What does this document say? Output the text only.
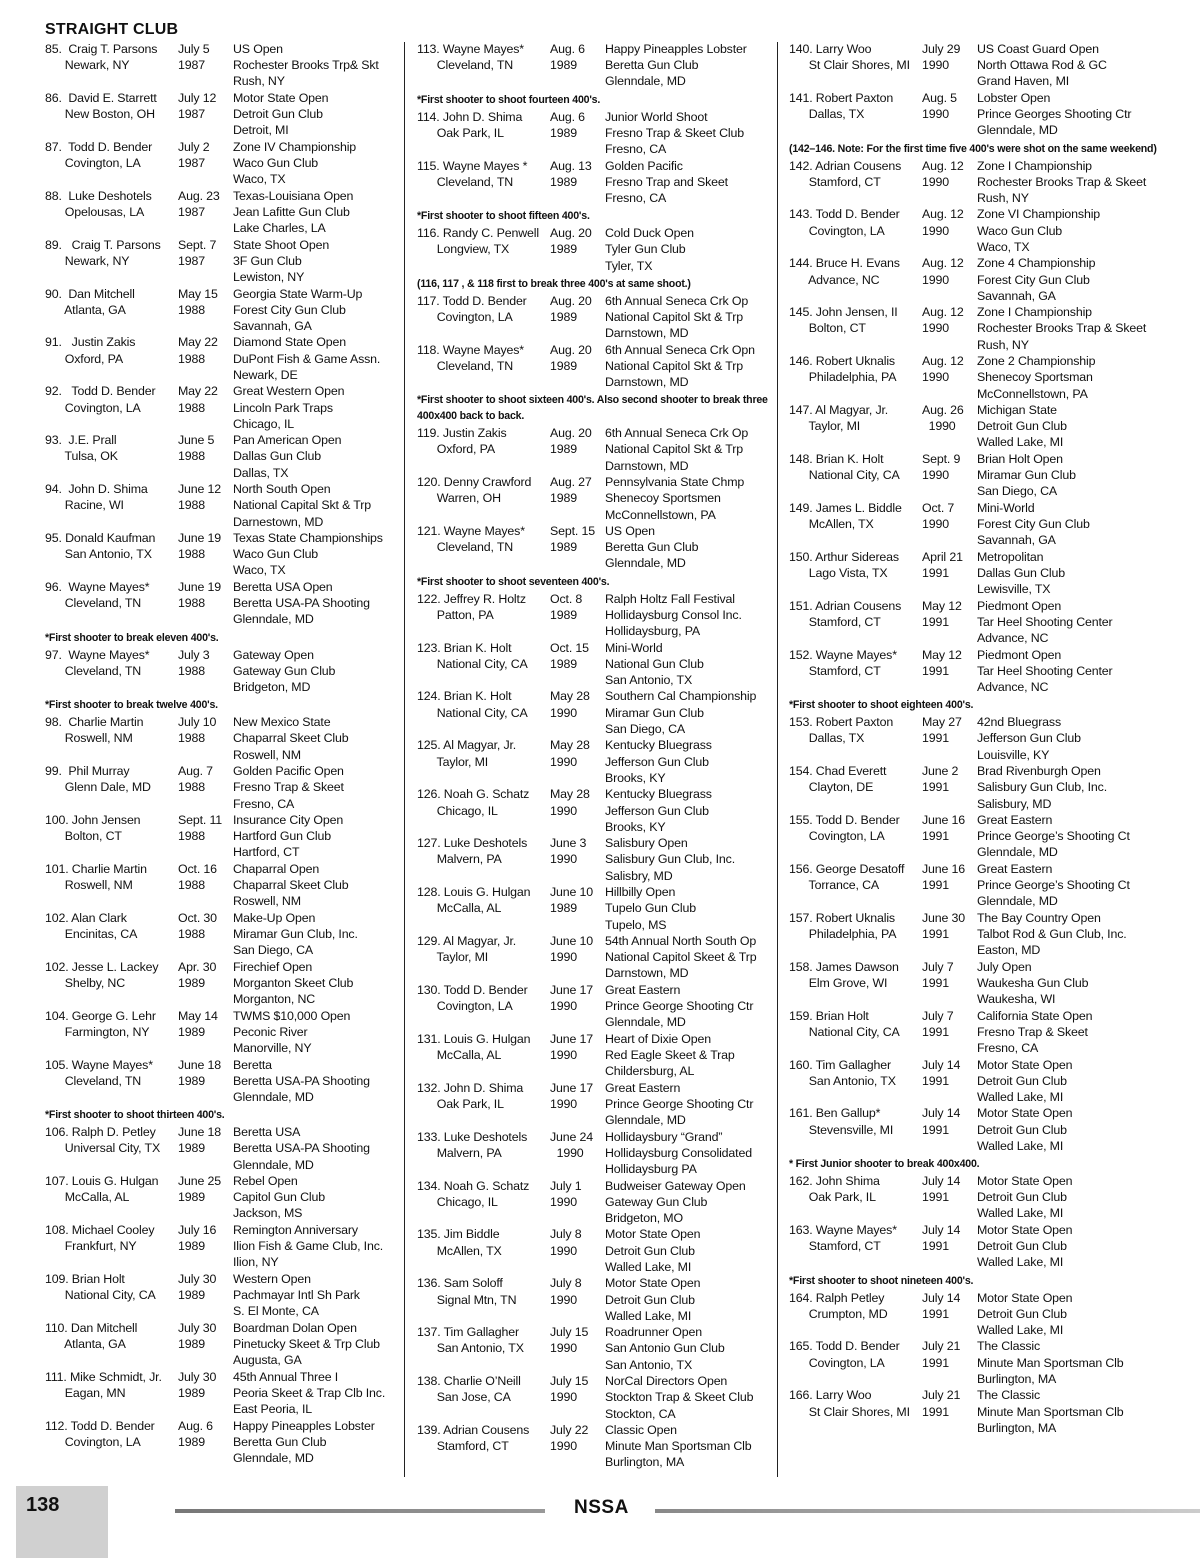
STRAIGHT CLUB
85.  Craig T. Parsons	July 5	US Open
Newark, NY	1987	Rochester Brooks Trp& Skt
Rush, NY
86.  David E. Starrett	July 12	Motor State Open
New Boston, OH	1987	Detroit Gun Club
Detroit, MI
87.  Todd D. Bender	July 2	Zone IV Championship
Covington, LA	1987	Waco Gun Club
Waco, TX
88.  Luke Deshotels	Aug. 23	Texas-Louisiana Open
Opelousas, LA	1987	Jean Lafitte Gun Club
Lake Charles, LA
89.   Craig T. Parsons	Sept. 7	State Shoot Open
Newark, NY	1987	3F Gun Club
Lewiston, NY
90.  Dan Mitchell	May 15	Georgia State Warm-Up
Atlanta, GA	1988	Forest City Gun Club
Savannah, GA
91.   Justin Zakis	May 22	Diamond State Open
Oxford, PA	1988	DuPont Fish & Game Assn.
Newark, DE
92.   Todd D. Bender	May 22	Great Western Open
Covington, LA	1988	Lincoln Park Traps
Chicago, IL
93.  J.E. Prall	June 5	Pan American Open
Tulsa, OK	1988	Dallas Gun Club
Dallas, TX
94.  John D. Shima	June 12 North South Open
Racine, WI	1988	National Capital Skt & Trp
Darnestown, MD
95. Donald Kaufman	June 19 Texas State Championships
San Antonio, TX	1988	Waco Gun Club
Waco, TX
96.  Wayne Mayes*	June 19 Beretta USA Open
Cleveland, TN	1988	Beretta USA-PA Shooting
Glenndale, MD
*First shooter to break eleven 400's.
97.  Wayne Mayes*	July 3	Gateway Open
Cleveland, TN	1988	Gateway Gun Club
Bridgeton, MD
*First shooter to break twelve 400's.
98.  Charlie Martin	July 10	New Mexico State
Roswell, NM	1988	Chaparral Skeet Club
Roswell, NM
99.  Phil Murray	Aug. 7	Golden Pacific Open
Glenn Dale, MD	1988	Fresno Trap & Skeet
Fresno, CA
100. John Jensen	Sept. 11 Insurance City Open
Bolton, CT	1988	Hartford Gun Club
Hartford, CT
101. Charlie Martin	Oct. 16	Chaparral Open
Roswell, NM	1988	Chaparral Skeet Club
Roswell, NM
102. Alan Clark	Oct. 30	Make-Up Open
Encinitas, CA	1988	Miramar Gun Club, Inc.
San Diego, CA
102. Jesse L. Lackey	Apr. 30	Firechief Open
Shelby, NC	1989	Morganton Skeet Club
Morganton, NC
104. George G. Lehr	May 14	TWMS $10,000 Open
Farmington, NY	1989	Peconic River
Manorville, NY
105. Wayne Mayes*	June 18 Beretta
Cleveland, TN	1989	Beretta USA-PA Shooting
Glenndale, MD
*First shooter to shoot thirteen 400's.
106. Ralph D. Petley	June 18 Beretta USA
Universal City, TX	1989	Beretta USA-PA Shooting
Glenndale, MD
107. Louis G. Hulgan	June 25 Rebel Open
McCalla, AL	1989	Capitol Gun Club
Jackson, MS
108. Michael Cooley	July 16	Remington Anniversary
Frankfurt, NY	1989	Ilion Fish & Game Club, Inc.
Ilion, NY
109. Brian Holt	July 30	Western Open
National City, CA	1989	Pachmayar Intl Sh Park
S. El Monte, CA
110. Dan Mitchell	July 30	Boardman Dolan Open
Atlanta, GA	1989	Pinetucky Skeet & Trp Club
Augusta, GA
111. Mike Schmidt, Jr.	July 30	45th Annual Three I
Eagan, MN	1989	Peoria Skeet & Trap Clb Inc.
East Peoria, IL
112. Todd D. Bender	Aug. 6	Happy Pineapples Lobster
Covington, LA	1989	Beretta Gun Club
Glenndale, MD
113. Wayne Mayes*	Aug. 6	Happy Pineapples Lobster
Cleveland, TN	1989	Beretta Gun Club
Glenndale, MD
*First shooter to shoot fourteen 400's.
114. John D. Shima	Aug. 6	Junior World Shoot
Oak Park, IL	1989	Fresno Trap & Skeet Club
Fresno, CA
115. Wayne Mayes *	Aug. 13	Golden Pacific
Cleveland, TN	1989	Fresno Trap and Skeet
Fresno, CA
*First shooter to shoot fifteen 400's.
116. Randy C. Penwell Aug. 20	Cold Duck Open
Longview, TX	1989	Tyler Gun Club
Tyler, TX
(116, 117 , & 118 first to break three 400's at same shoot.)
117. Todd D. Bender	Aug. 20	6th Annual Seneca Crk Op
Covington, LA	1989	National Capitol Skt & Trp
Darnstown, MD
118. Wayne Mayes*	Aug. 20	6th Annual Seneca Crk Opn
Cleveland, TN	1989	National Capitol Skt & Trp
Darnstown, MD
*First shooter to shoot sixteen 400's. Also second shooter to break three 400x400 back to back.
119. Justin Zakis	Aug. 20	6th Annual Seneca Crk Op
Oxford, PA	1989	National Capitol Skt & Trp
Darnstown, MD
120. Denny Crawford	Aug. 27	Pennsylvania State Chmp
Warren, OH	1989	Shenecoy Sportsmen
McConnellstown, PA
121. Wayne Mayes*	Sept. 15 US Open
Cleveland, TN	1989	Beretta Gun Club
Glenndale, MD
*First shooter to shoot seventeen 400's.
122. Jeffrey R. Holtz	Oct. 8	Ralph Holtz Fall Festival
Patton, PA	1989	Hollidaysburg Consol Inc.
Hollidaysburg, PA
123. Brian K. Holt	Oct. 15	Mini-World
National City, CA	1989	National Gun Club
San Antonio, TX
124. Brian K. Holt	May 28	Southern Cal Championship
National City, CA	1990	Miramar Gun Club
San Diego, CA
125. Al Magyar, Jr.	May 28	Kentucky Bluegrass
Taylor, MI	1990	Jefferson Gun Club
Brooks, KY
126. Noah G. Schatz	May 28	Kentucky Bluegrass
Chicago, IL	1990	Jefferson Gun Club
Brooks, KY
127. Luke Deshotels	June 3	Salisbury Open
Malvern, PA	1990	Salisbury Gun Club, Inc.
Salisbry, MD
128. Louis G. Hulgan	June 10 Hillbilly Open
McCalla, AL	1989	Tupelo Gun Club
Tupelo, MS
129. Al Magyar, Jr.	June 10 54th Annual North South Op
Taylor, MI	1990	National Capitol Skeet & Trp
Darnstown, MD
130. Todd D. Bender	June 17 Great Eastern
Covington, LA	1990	Prince George Shooting Ctr
Glenndale, MD
131. Louis G. Hulgan	June 17 Heart of Dixie Open
McCalla, AL	1990	Red Eagle Skeet & Trap
Childersburg, AL
132. John D. Shima	June 17 Great Eastern
Oak Park, IL	1990	Prince George Shooting Ctr
Glenndale, MD
133. Luke Deshotels	June 24 Hollidaysbury “Grand”
Malvern, PA	1990	Hollidaysburg Consolidated
Hollidaysburg PA
134. Noah G. Schatz	July 1	Budweiser Gateway Open
Chicago, IL	1990	Gateway Gun Club
Bridgeton, MO
135. Jim Biddle	July 8	Motor State Open
McAllen, TX	1990	Detroit Gun Club
Walled Lake, MI
136. Sam Soloff	July 8	Motor State Open
Signal Mtn, TN	1990	Detroit Gun Club
Walled Lake, MI
137. Tim Gallagher	July 15	Roadrunner Open
San Antonio, TX	1990	San Antonio Gun Club
San Antonio, TX
138. Charlie O’Neill	July 15	NorCal Directors Open
San Jose, CA	1990	Stockton Trap & Skeet Club
Stockton, CA
139. Adrian Cousens	July 22	Classic Open
Stamford, CT	1990	Minute Man Sportsman Clb
Burlington, MA
140. Larry Woo	July 29	US Coast Guard Open
St Clair Shores, MI 1990	North Ottawa Rod & GC
Grand Haven, MI
141. Robert Paxton	Aug. 5	Lobster Open
Dallas, TX	1990	Prince Georges Shooting Ctr
Glenndale, MD
(142–146. Note: For the first time five 400's were shot on the same weekend)
142. Adrian Cousens	Aug. 12	Zone I Championship
Stamford, CT	1990	Rochester Brooks Trap & Skeet
Rush, NY
143. Todd D. Bender	Aug. 12	Zone VI Championship
Covington, LA	1990	Waco Gun Club
Waco, TX
144. Bruce H. Evans	Aug. 12	Zone 4 Championship
Advance, NC	1990	Forest City Gun Club
Savannah, GA
145. John Jensen, II	Aug. 12	Zone I Championship
Bolton, CT	1990	Rochester Brooks Trap & Skeet
Rush, NY
146. Robert Uknalis	Aug. 12	Zone 2 Championship
Philadelphia, PA	1990	Shenecoy Sportsman
McConnellstown, PA
147. Al Magyar, Jr.	Aug. 26	Michigan State
Taylor, MI	1990	Detroit Gun Club
Walled Lake, MI
148. Brian K. Holt	Sept. 9	Brian Holt Open
National City, CA	1990	Miramar Gun Club
San Diego, CA
149. James L. Biddle	Oct. 7	Mini-World
McAllen, TX	1990	Forest City Gun Club
Savannah, GA
150. Arthur Sidereas	April 21	Metropolitan
Lago Vista, TX	1991	Dallas Gun Club
Lewisville, TX
151. Adrian Cousens	May 12	Piedmont Open
Stamford, CT	1991	Tar Heel Shooting Center
Advance, NC
152. Wayne Mayes*	May 12	Piedmont Open
Stamford, CT	1991	Tar Heel Shooting Center
Advance, NC
*First shooter to shoot eighteen 400's.
153. Robert Paxton	May 27	42nd Bluegrass
Dallas, TX	1991	Jefferson Gun Club
Louisville, KY
154. Chad Everett	June 2	Brad Rivenburgh Open
Clayton, DE	1991	Salisbury Gun Club, Inc.
Salisbury, MD
155. Todd D. Bender	June 16 Great Eastern
Covington, LA	1991	Prince George’s Shooting Ct
Glenndale, MD
156. George Desatoff	June 16 Great Eastern
Torrance, CA	1991	Prince George’s Shooting Ct
Glenndale, MD
157. Robert Uknalis	June 30 The Bay Country Open
Philadelphia, PA	1991	Talbot Rod & Gun Club, Inc.
Easton, MD
158. James Dawson	July 7	July Open
Elm Grove, WI	1991	Waukesha Gun Club
Waukesha, WI
159. Brian Holt	July 7	California State Open
National City, CA	1991	Fresno Trap & Skeet
Fresno, CA
160. Tim Gallagher	July 14	Motor State Open
San Antonio, TX	1991	Detroit Gun Club
Walled Lake, MI
161. Ben Gallup*	July 14	Motor State Open
Stevensville, MI	1991	Detroit Gun Club
Walled Lake, MI
* First Junior shooter to break 400x400.
162. John Shima	July 14	Motor State Open
Oak Park, IL	1991	Detroit Gun Club
Walled Lake, MI
163. Wayne Mayes*	July 14	Motor State Open
Stamford, CT	1991	Detroit Gun Club
Walled Lake, MI
*First shooter to shoot nineteen 400's.
164. Ralph Petley	July 14	Motor State Open
Crumpton, MD	1991	Detroit Gun Club
Walled Lake, MI
165. Todd D. Bender	July 21	The Classic
Covington, LA	1991	Minute Man Sportsman Clb
Burlington, MA
166. Larry Woo	July 21	The Classic
St Clair Shores, MI 1991	Minute Man Sportsman Clb
Burlington, MA
138	NSSA
